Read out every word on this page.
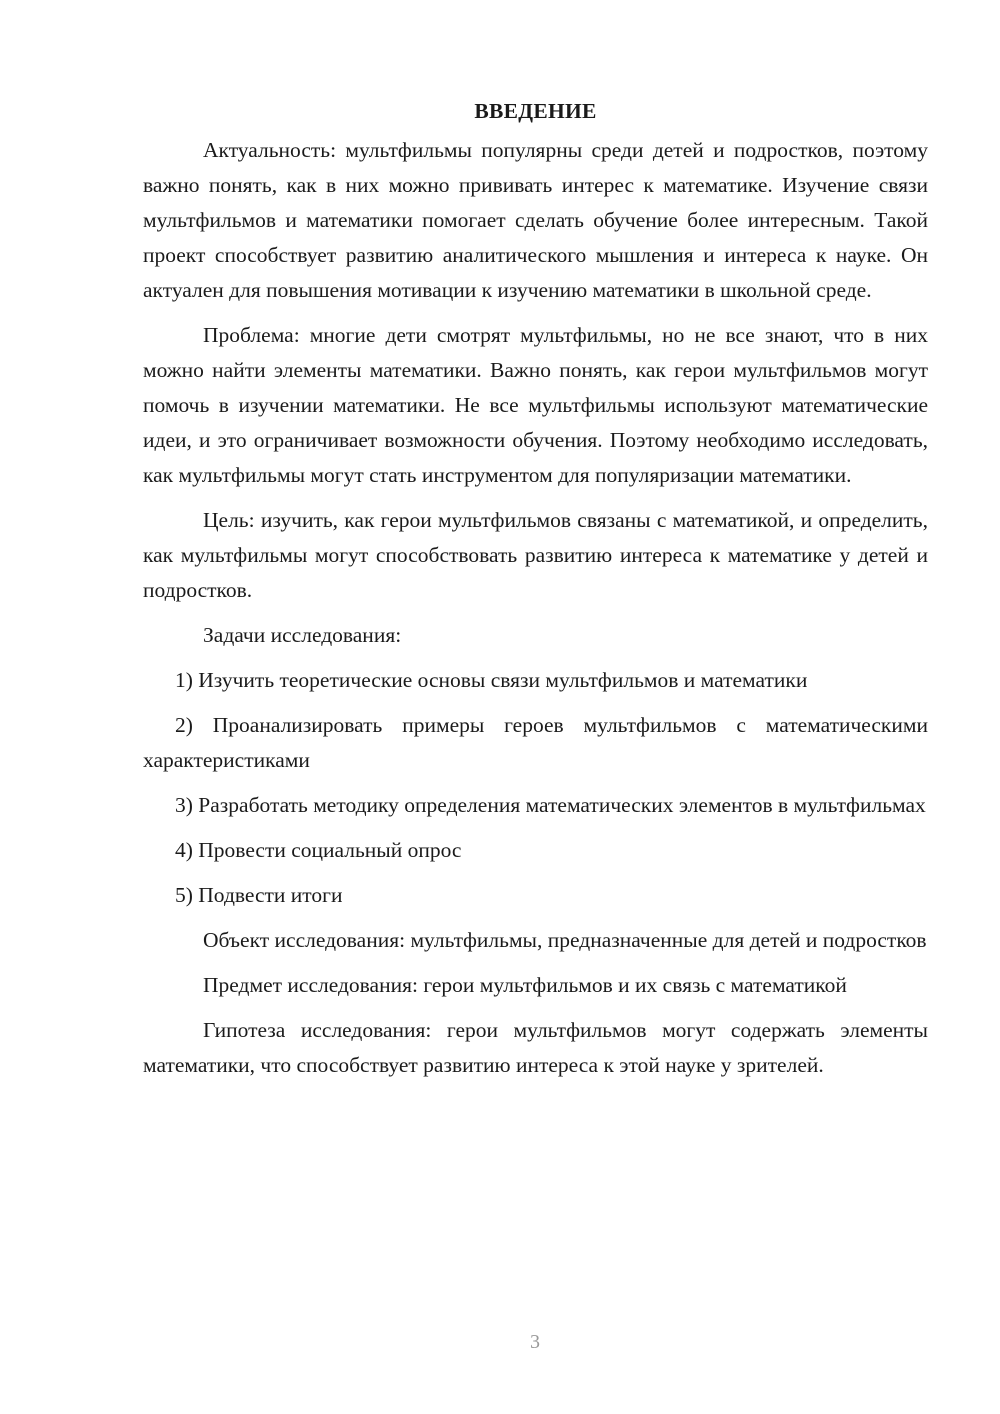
ВВЕДЕНИЕ

Актуальность: мультфильмы популярны среди детей и подростков, поэтому важно понять, как в них можно прививать интерес к математике. Изучение связи мультфильмов и математики помогает сделать обучение более интересным. Такой проект способствует развитию аналитического мышления и интереса к науке. Он актуален для повышения мотивации к изучению математики в школьной среде.

Проблема: многие дети смотрят мультфильмы, но не все знают, что в них можно найти элементы математики. Важно понять, как герои мультфильмов могут помочь в изучении математики. Не все мультфильмы используют математические идеи, и это ограничивает возможности обучения. Поэтому необходимо исследовать, как мультфильмы могут стать инструментом для популяризации математики.

Цель: изучить, как герои мультфильмов связаны с математикой, и определить, как мультфильмы могут способствовать развитию интереса к математике у детей и подростков.

Задачи исследования:

1) Изучить теоретические основы связи мультфильмов и математики

2) Проанализировать примеры героев мультфильмов с математическими характеристиками

3) Разработать методику определения математических элементов в мультфильмах

4) Провести социальный опрос

5) Подвести итоги

Объект исследования: мультфильмы, предназначенные для детей и подростков

Предмет исследования: герои мультфильмов и их связь с математикой

Гипотеза исследования: герои мультфильмов могут содержать элементы математики, что способствует развитию интереса к этой науке у зрителей.

3
